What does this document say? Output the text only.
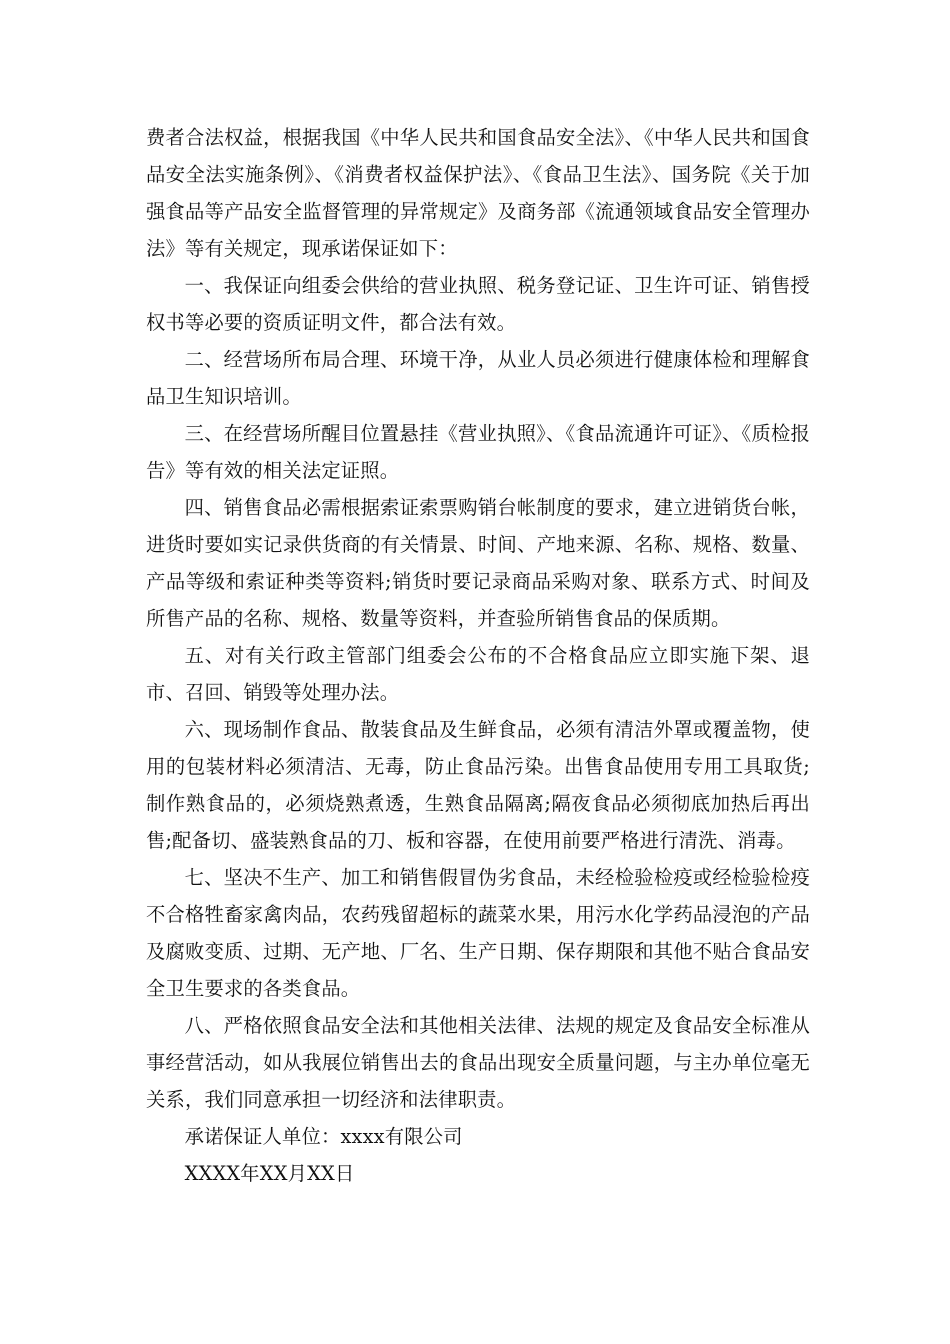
费者合法权益，根据我国《中华人民共和国食品安全法》、《中华人民共和国食品安全法实施条例》、《消费者权益保护法》、《食品卫生法》、国务院《关于加强食品等产品安全监督管理的异常规定》及商务部《流通领域食品安全管理办法》等有关规定，现承诺保证如下：

一、我保证向组委会供给的营业执照、税务登记证、卫生许可证、销售授权书等必要的资质证明文件，都合法有效。

二、经营场所布局合理、环境干净，从业人员必须进行健康体检和理解食品卫生知识培训。

三、在经营场所醒目位置悬挂《营业执照》、《食品流通许可证》、《质检报告》等有效的相关法定证照。

四、销售食品必需根据索证索票购销台帐制度的要求，建立进销货台帐，进货时要如实记录供货商的有关情景、时间、产地来源、名称、规格、数量、产品等级和索证种类等资料;销货时要记录商品采购对象、联系方式、时间及所售产品的名称、规格、数量等资料，并查验所销售食品的保质期。

五、对有关行政主管部门组委会公布的不合格食品应立即实施下架、退市、召回、销毁等处理办法。

六、现场制作食品、散装食品及生鲜食品，必须有清洁外罩或覆盖物，使用的包装材料必须清洁、无毒，防止食品污染。出售食品使用专用工具取货;制作熟食品的，必须烧熟煮透，生熟食品隔离;隔夜食品必须彻底加热后再出售;配备切、盛装熟食品的刀、板和容器，在使用前要严格进行清洗、消毒。

七、坚决不生产、加工和销售假冒伪劣食品，未经检验检疫或经检验检疫不合格牲畜家禽肉品，农药残留超标的蔬菜水果，用污水化学药品浸泡的产品及腐败变质、过期、无产地、厂名、生产日期、保存期限和其他不贴合食品安全卫生要求的各类食品。

八、严格依照食品安全法和其他相关法律、法规的规定及食品安全标准从事经营活动，如从我展位销售出去的食品出现安全质量问题，与主办单位毫无关系，我们同意承担一切经济和法律职责。

承诺保证人单位：xxxx有限公司

XXXX年XX月XX日
